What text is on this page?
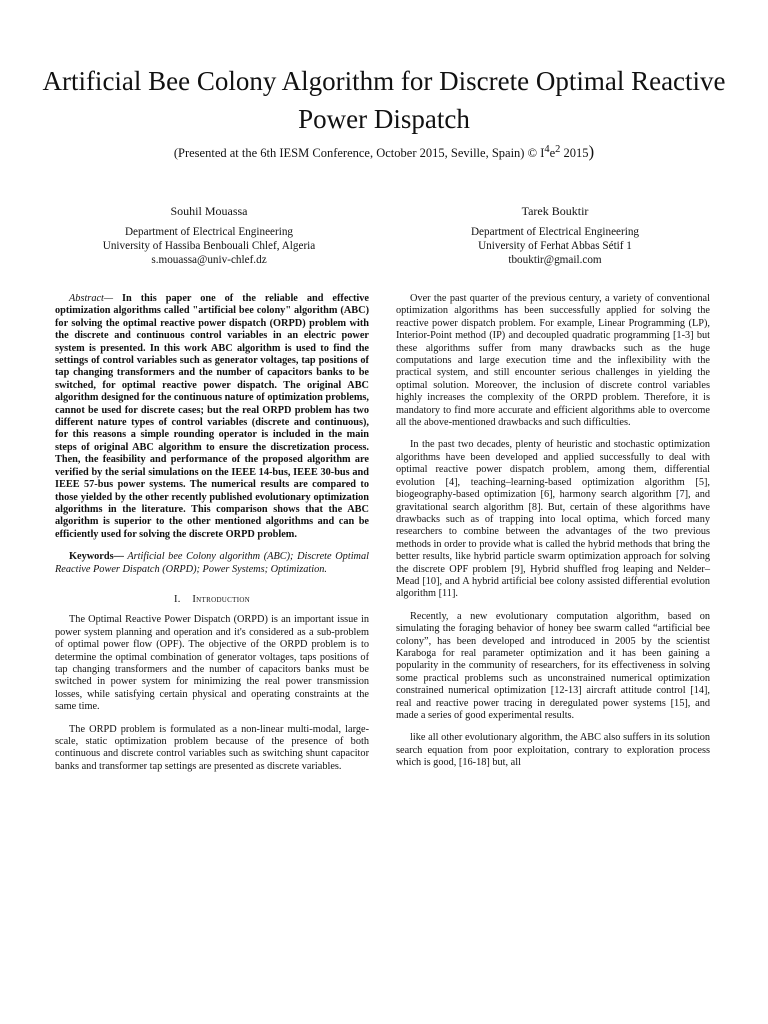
Artificial Bee Colony Algorithm for Discrete Optimal Reactive Power Dispatch
(Presented at the 6th IESM Conference, October 2015, Seville, Spain) © $I^4e^2$ 2015)
Souhil Mouassa
Department of Electrical Engineering
University of Hassiba Benbouali Chlef, Algeria
s.mouassa@univ-chlef.dz
Tarek Bouktir
Department of Electrical Engineering
University of Ferhat Abbas Sétif 1
tbouktir@gmail.com

Abstract— In this paper one of the reliable and effective optimization algorithms called "artificial bee colony" algorithm (ABC) for solving the optimal reactive power dispatch (ORPD) problem with the discrete and continuous control variables in an electric power system is presented. In this work ABC algorithm is used to find the settings of control variables such as generator voltages, tap positions of tap changing transformers and the number of capacitors banks to be switched, for optimal reactive power dispatch. The original ABC algorithm designed for the continuous nature of optimization problems, cannot be used for discrete cases; but the real ORPD problem has two different nature types of control variables (discrete and continuous), for this reasons a simple rounding operator is included in the main steps of original ABC algorithm to ensure the discretization process. Then, the feasibility and performance of the proposed algorithm are verified by the serial simulations on the IEEE 14-bus, IEEE 30-bus and IEEE 57-bus power systems. The numerical results are compared to those yielded by the other recently published evolutionary optimization algorithms in the literature. This comparison shows that the ABC algorithm is superior to the other mentioned algorithms and can be efficiently used for solving the discrete ORPD problem.

Keywords— Artificial bee Colony algorithm (ABC); Discrete Optimal Reactive Power Dispatch (ORPD); Power Systems; Optimization.

I. Introduction

The Optimal Reactive Power Dispatch (ORPD) is an important issue in power system planning and operation and it's considered as a sub-problem of optimal power flow (OPF). The objective of the ORPD problem is to determine the optimal combination of generator voltages, taps positions of tap changing transformers and the number of capacitors banks must be switched in power system for minimizing the real power transmission losses, while satisfying certain physical and operating constraints at the same time.

The ORPD problem is formulated as a non-linear multi-modal, large-scale, static optimization problem because of the presence of both continuous and discrete control variables such as switching shunt capacitor banks and transformer tap settings are presented as discrete variables.

Over the past quarter of the previous century, a variety of conventional optimization algorithms has been successfully applied for solving the reactive power dispatch problem. For example, Linear Programming (LP), Interior-Point method (IP) and decoupled quadratic programming [1-3] but these algorithms suffer from many drawbacks such as the huge computations and large execution time and the inflexibility with the practical system, and still encounter serious challenges in yielding the optimal solution. Moreover, the inclusion of discrete control variables highly increases the complexity of the ORPD problem. Therefore, it is mandatory to find more accurate and efficient algorithms able to overcome all the above-mentioned drawbacks and such difficulties.

In the past two decades, plenty of heuristic and stochastic optimization algorithms have been developed and applied successfully to deal with optimal reactive power dispatch problem, among them, differential evolution [4], teaching–learning-based optimization algorithm [5], biogeography-based optimization [6], harmony search algorithm [7], and gravitational search algorithm [8]. But, certain of these algorithms have drawbacks such as of trapping into local optima, which forced many researchers to combine between the advantages of the two previous methods in order to provide what is called the hybrid methods that bring the better results, like hybrid particle swarm optimization approach for solving the discrete OPF problem [9], Hybrid shuffled frog leaping and Nelder–Mead [10], and A hybrid artificial bee colony assisted differential evolution algorithm [11].

Recently, a new evolutionary computation algorithm, based on simulating the foraging behavior of honey bee swarm called “artificial bee colony”, has been developed and introduced in 2005 by the scientist Karaboga for real parameter optimization and it has been gaining a popularity in the community of researchers, for its effectiveness in solving some practical problems such as unconstrained numerical optimization constrained numerical optimization [12-13] aircraft attitude control [14], real and reactive power tracing in deregulated power systems [15], and made a series of good experimental results.

like all other evolutionary algorithm, the ABC also suffers in its solution search equation from poor exploitation, contrary to exploration process which is good, [16-18] but, all
